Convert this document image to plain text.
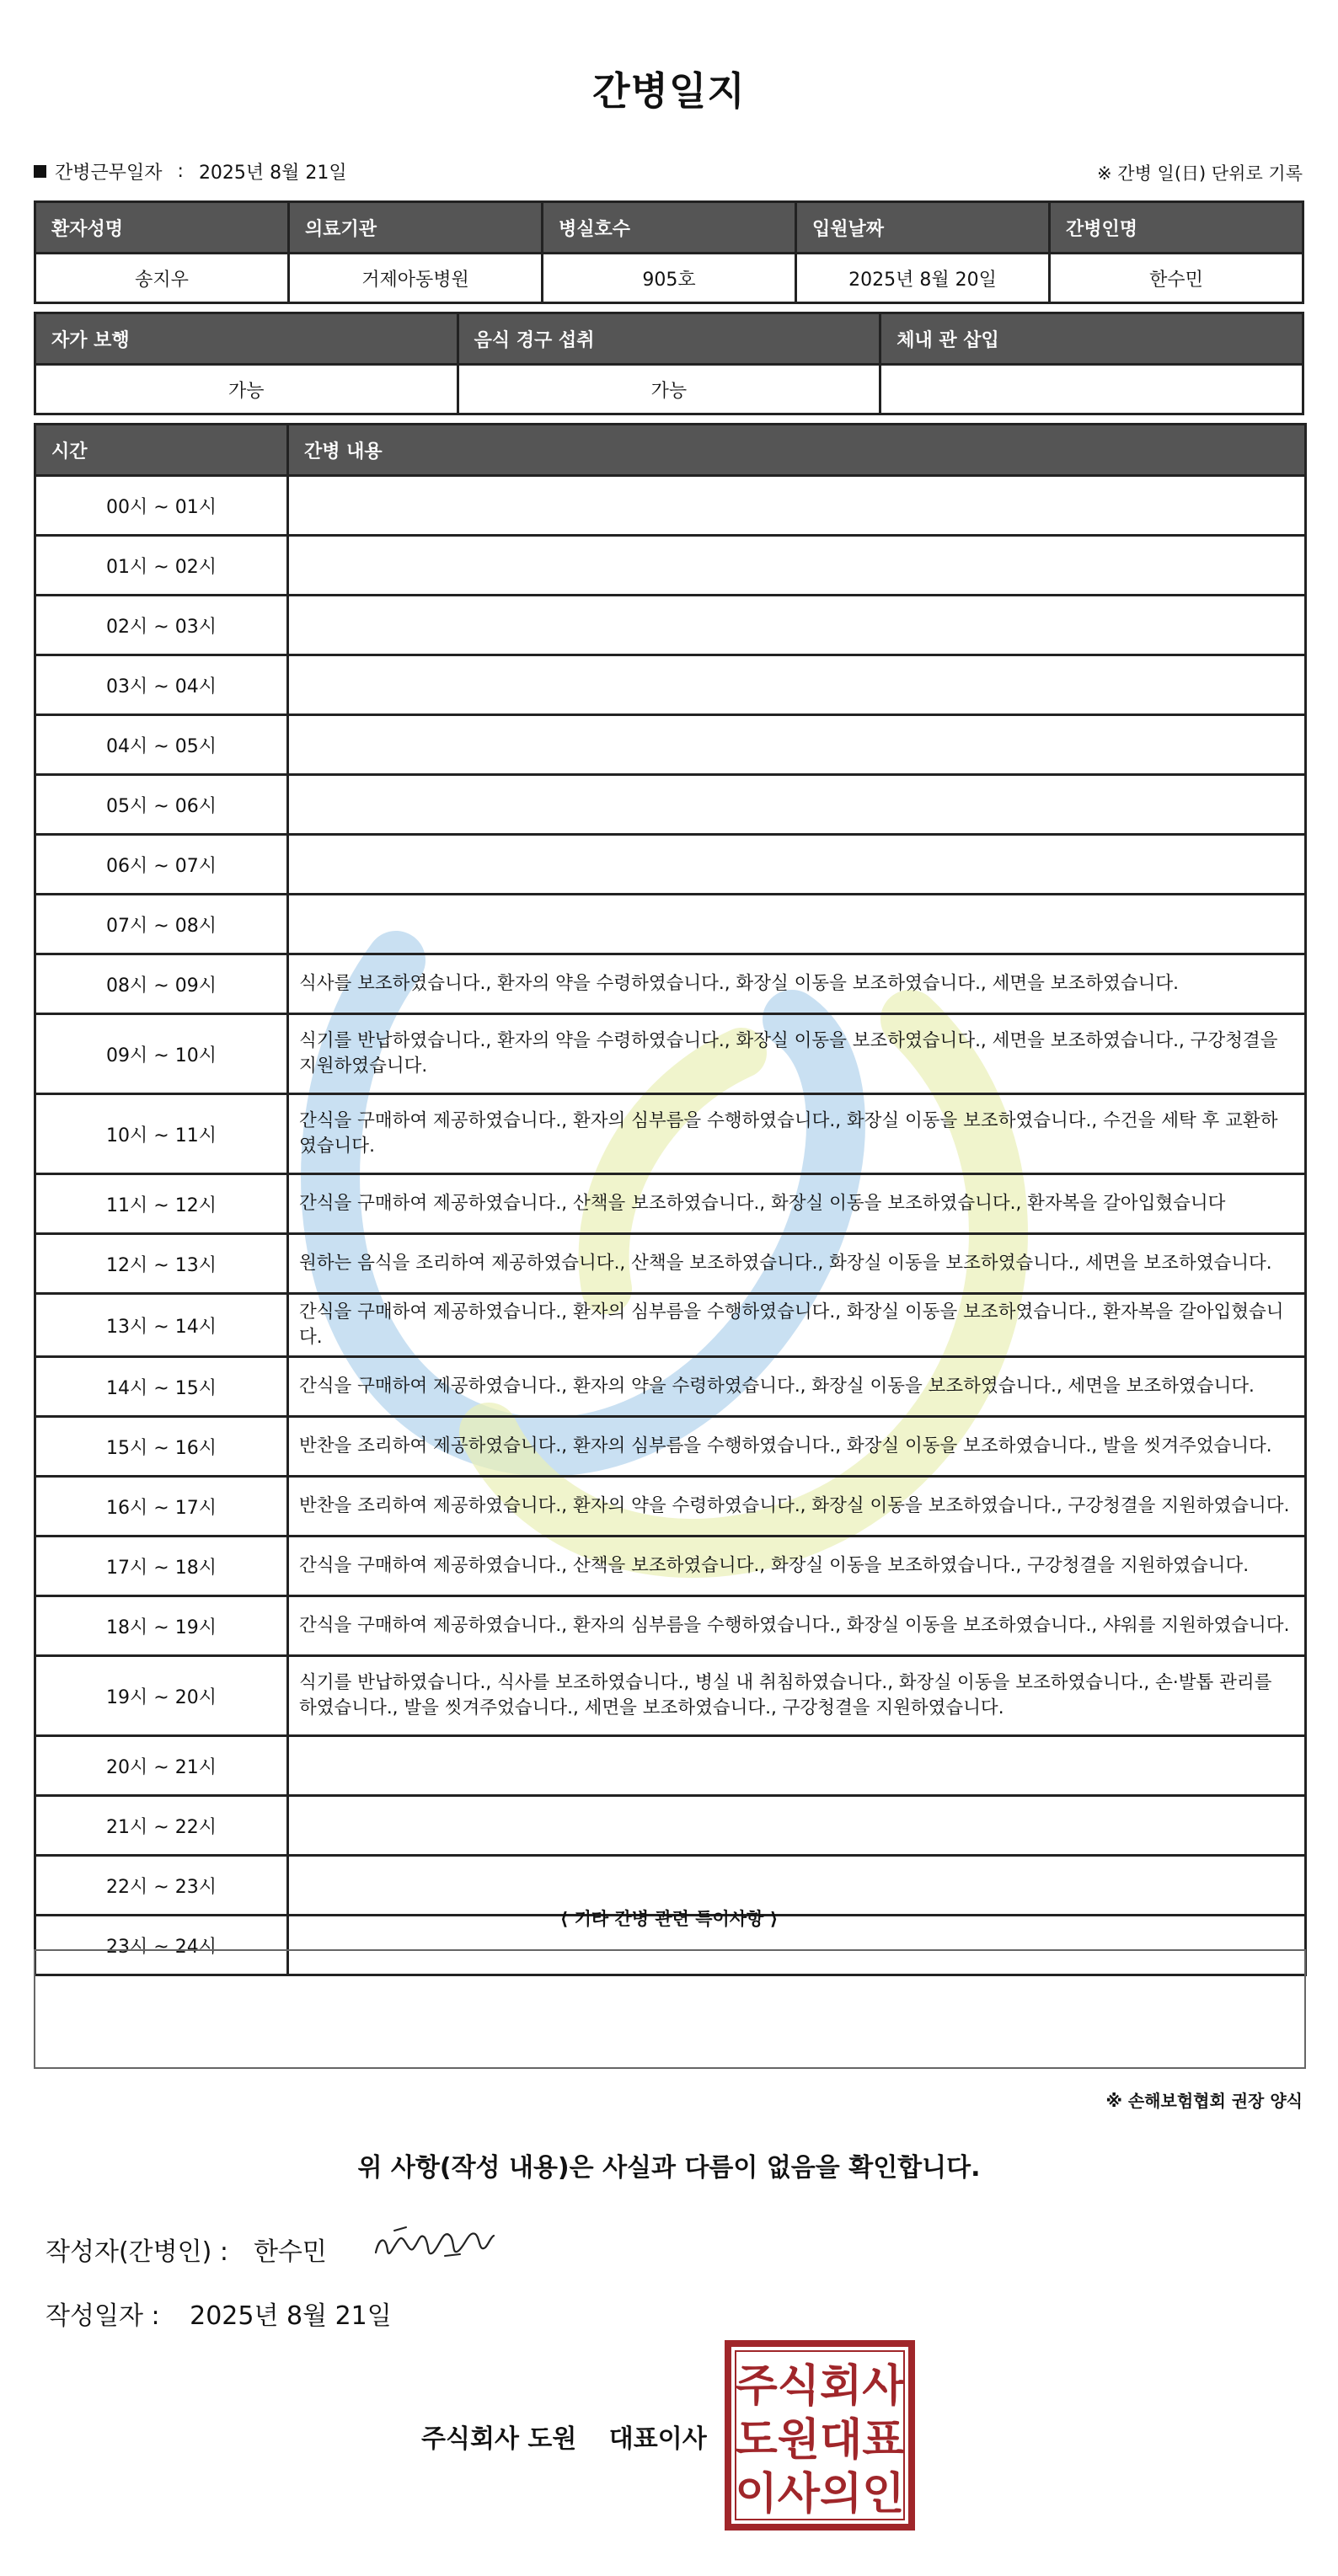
간병일지
간병근무일자 : 2025년 8월 21일	※ 간병 일(日) 단위로 기록
환자성명	의료기관	병실호수	입원날짜	간병인명
송지우	거제아동병원	905호	2025년 8월 20일	한수민
자가 보행	음식 경구 섭취	체내 관 삽입
가능	가능	
시간	간병 내용
00시 ~ 01시	
01시 ~ 02시	
02시 ~ 03시	
03시 ~ 04시	
04시 ~ 05시	
05시 ~ 06시	
06시 ~ 07시	
07시 ~ 08시	
08시 ~ 09시	식사를 보조하였습니다., 환자의 약을 수령하였습니다., 화장실 이동을 보조하였습니다., 세면을 보조하였습니다.
09시 ~ 10시	식기를 반납하였습니다., 환자의 약을 수령하였습니다., 화장실 이동을 보조하였습니다., 세면을 보조하였습니다., 구강청결을 지원하였습니다.
10시 ~ 11시	간식을 구매하여 제공하였습니다., 환자의 심부름을 수행하였습니다., 화장실 이동을 보조하였습니다., 수건을 세탁 후 교환하였습니다.
11시 ~ 12시	간식을 구매하여 제공하였습니다., 산책을 보조하였습니다., 화장실 이동을 보조하였습니다., 환자복을 갈아입혔습니다
12시 ~ 13시	원하는 음식을 조리하여 제공하였습니다., 산책을 보조하였습니다., 화장실 이동을 보조하였습니다., 세면을 보조하였습니다.
13시 ~ 14시	간식을 구매하여 제공하였습니다., 환자의 심부름을 수행하였습니다., 화장실 이동을 보조하였습니다., 환자복을 갈아입혔습니다.
14시 ~ 15시	간식을 구매하여 제공하였습니다., 환자의 약을 수령하였습니다., 화장실 이동을 보조하였습니다., 세면을 보조하였습니다.
15시 ~ 16시	반찬을 조리하여 제공하였습니다., 환자의 심부름을 수행하였습니다., 화장실 이동을 보조하였습니다., 발을 씻겨주었습니다.
16시 ~ 17시	반찬을 조리하여 제공하였습니다., 환자의 약을 수령하였습니다., 화장실 이동을 보조하였습니다., 구강청결을 지원하였습니다.
17시 ~ 18시	간식을 구매하여 제공하였습니다., 산책을 보조하였습니다., 화장실 이동을 보조하였습니다., 구강청결을 지원하였습니다.
18시 ~ 19시	간식을 구매하여 제공하였습니다., 환자의 심부름을 수행하였습니다., 화장실 이동을 보조하였습니다., 샤워를 지원하였습니다.
19시 ~ 20시	식기를 반납하였습니다., 식사를 보조하였습니다., 병실 내 취침하였습니다., 화장실 이동을 보조하였습니다., 손·발톱 관리를 하였습니다., 발을 씻겨주었습니다., 세면을 보조하였습니다., 구강청결을 지원하였습니다.
20시 ~ 21시	
21시 ~ 22시	
22시 ~ 23시	
23시 ~ 24시	
⟨ 기타 간병 관련 특이사항 ⟩
※ 손해보험협회 권장 양식
위 사항(작성 내용)은 사실과 다름이 없음을 확인합니다.
작성자(간병인) : 한수민
작성일자 : 2025년 8월 21일
주식회사 도원 대표이사
주식회사
도원대표
이사의인
